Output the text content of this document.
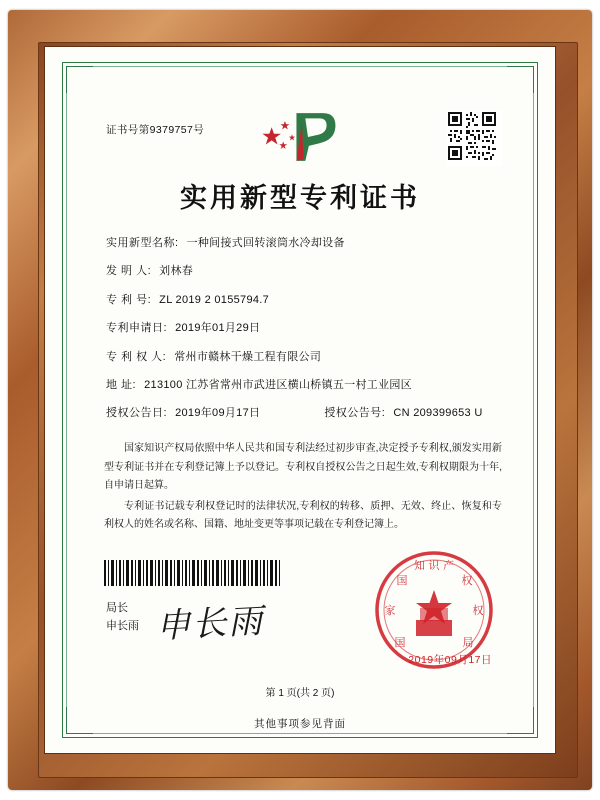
证书号第9379757号
实用新型专利证书
实用新型名称: 一种间接式回转滚筒水冷却设备
发 明 人: 刘林春
专 利 号: ZL 2019 2 0155794.7
专利申请日: 2019年01月29日
专 利 权 人: 常州市赣林干燥工程有限公司
地 址: 213100 江苏省常州市武进区横山桥镇五一村工业园区
授权公告日: 2019年09月17日	授权公告号: CN 209399653 U

国家知识产权局依照中华人民共和国专利法经过初步审查,决定授予专利权,颁发实用新型专利证书并在专利登记簿上予以登记。专利权自授权公告之日起生效,专利权期限为十年,自申请日起算。

专利证书记载专利权登记时的法律状况,专利权的转移、质押、无效、终止、恢复和专利权人的姓名或名称、国籍、地址变更等事项记载在专利登记簿上。

局长
申长雨 申长雨
知 识 产
家	权
国	权
国	局
2019年09月17日
第 1 页(共 2 页)
其他事项参见背面
